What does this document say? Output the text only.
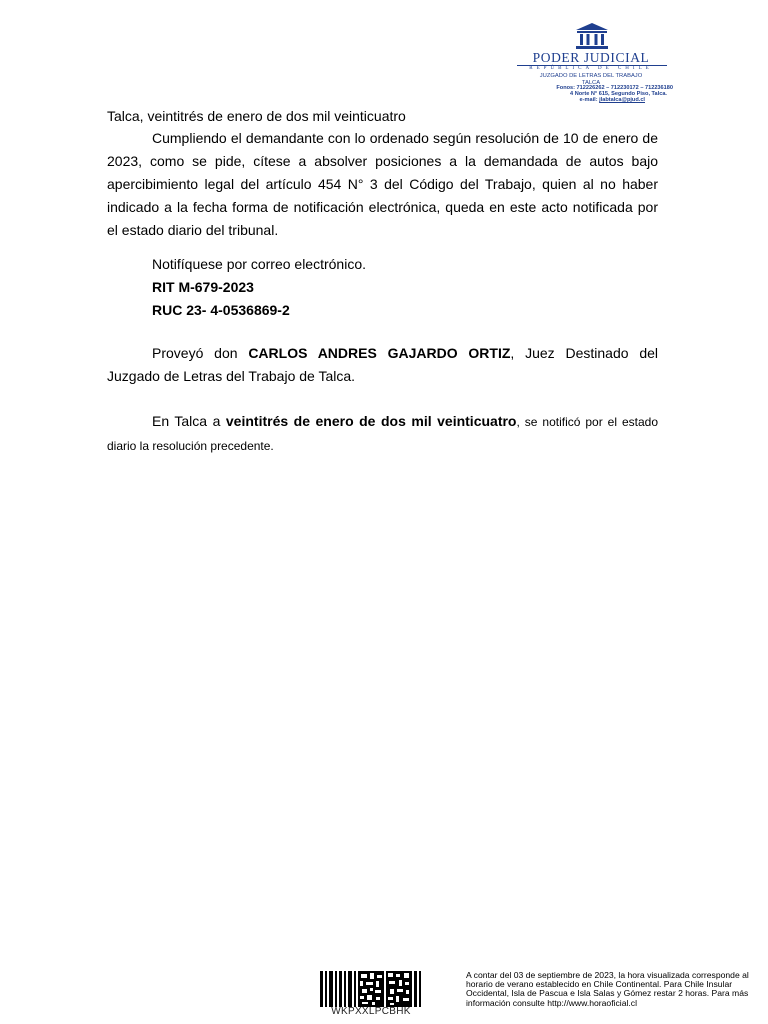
PODER JUDICIAL
REPÚBLICA DE CHILE
JUZGADO DE LETRAS DEL TRABAJO
TALCA
Fonos: 712226262 – 712230172 – 712236180
4 Norte N° 615, Segundo Piso, Talca.
e-mail: jlabtalca@pjud.cl
Talca, veintitrés de enero de dos mil veinticuatro

Cumpliendo el demandante con lo ordenado según resolución de 10 de enero de 2023, como se pide, cítese a absolver posiciones a la demandada de autos bajo apercibimiento legal del artículo 454 N° 3 del Código del Trabajo, quien al no haber indicado a la fecha forma de notificación electrónica, queda en este acto notificada por el estado diario del tribunal.

Notifíquese por correo electrónico.
RIT M-679-2023
RUC 23- 4-0536869-2

Proveyó don CARLOS ANDRES GAJARDO ORTIZ, Juez Destinado del Juzgado de Letras del Trabajo de Talca.

En Talca a veintitrés de enero de dos mil veinticuatro, se notificó por el estado diario la resolución precedente.

WKPXXLPCBHK
A contar del 03 de septiembre de 2023, la hora visualizada corresponde al horario de verano establecido en Chile Continental. Para Chile Insular Occidental, Isla de Pascua e Isla Salas y Gómez restar 2 horas. Para más información consulte http://www.horaoficial.cl
